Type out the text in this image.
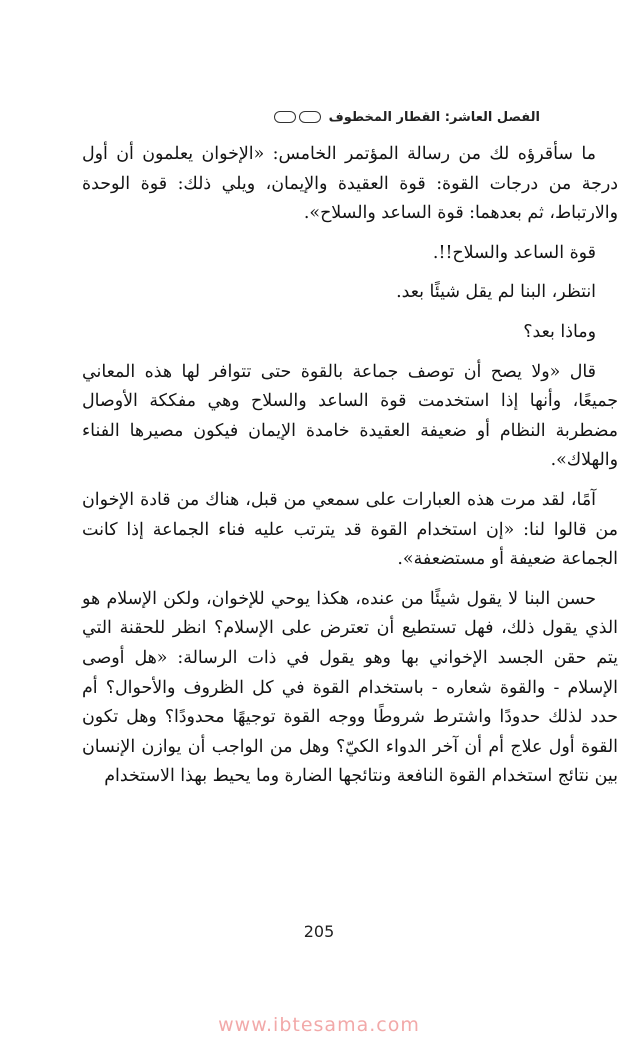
الفصل العاشر: القطار المخطوف

ما سأقرؤه لك من رسالة المؤتمر الخامس: «الإخوان يعلمون أن أول درجة من درجات القوة: قوة العقيدة والإيمان، ويلي ذلك: قوة الوحدة والارتباط، ثم بعدهما: قوة الساعد والسلاح».

قوة الساعد والسلاح!!.

انتظر، البنا لم يقل شيئًا بعد.

وماذا بعد؟

قال «ولا يصح أن توصف جماعة بالقوة حتى تتوافر لها هذه المعاني جميعًا، وأنها إذا استخدمت قوة الساعد والسلاح وهي مفككة الأوصال مضطربة النظام أو ضعيفة العقيدة خامدة الإيمان فيكون مصيرها الفناء والهلاك».

آمًا، لقد مرت هذه العبارات على سمعي من قبل، هناك من قادة الإخوان من قالوا لنا: «إن استخدام القوة قد يترتب عليه فناء الجماعة إذا كانت الجماعة ضعيفة أو مستضعفة».

حسن البنا لا يقول شيئًا من عنده، هكذا يوحي للإخوان، ولكن الإسلام هو الذي يقول ذلك، فهل تستطيع أن تعترض على الإسلام؟ انظر للحقنة التي يتم حقن الجسد الإخواني بها وهو يقول في ذات الرسالة: «هل أوصى الإسلام - والقوة شعاره - باستخدام القوة في كل الظروف والأحوال؟ أم حدد لذلك حدودًا واشترط شروطًا ووجه القوة توجيهًا محدودًا؟ وهل تكون القوة أول علاج أم أن آخر الدواء الكيّ؟ وهل من الواجب أن يوازن الإنسان بين نتائج استخدام القوة النافعة ونتائجها الضارة وما يحيط بهذا الاستخدام

205
www.ibtesama.com
